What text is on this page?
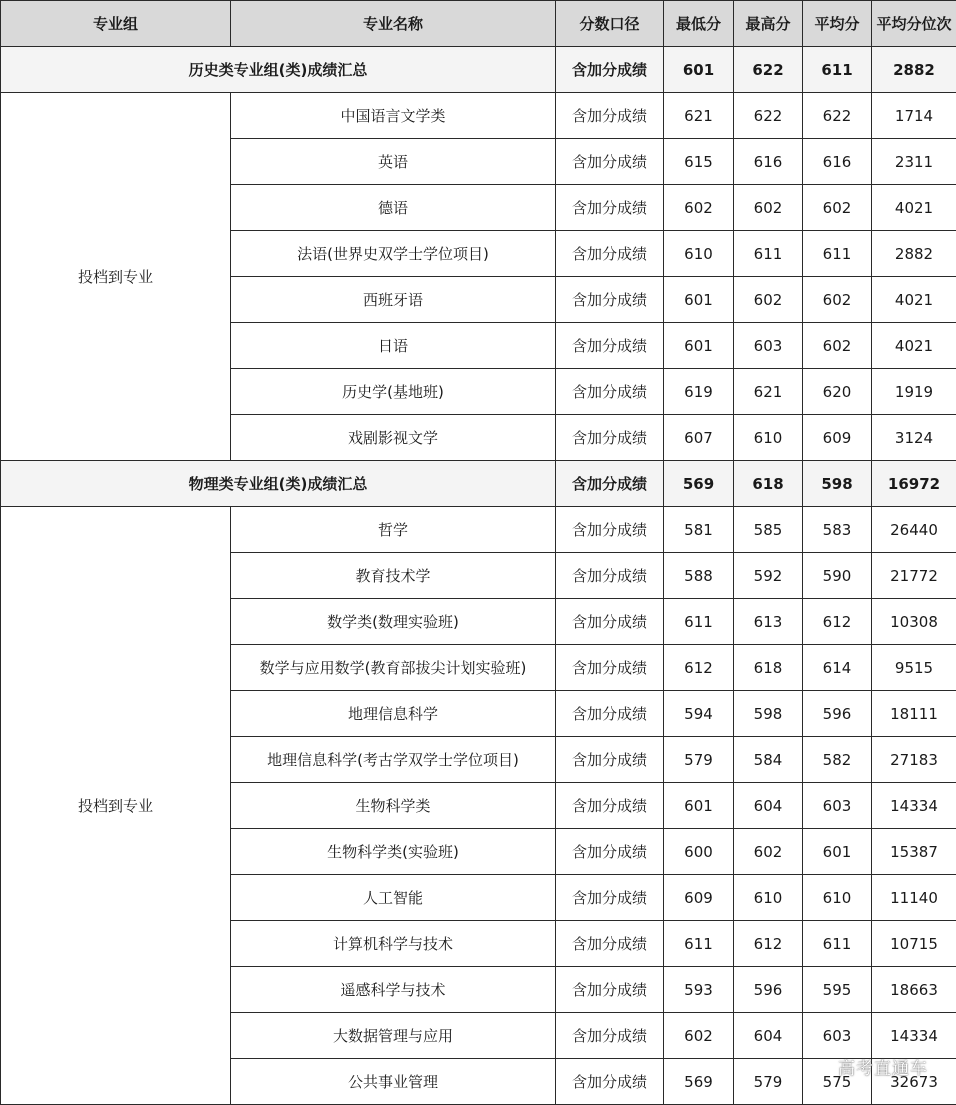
专业组	专业名称	分数口径	最低分	最高分	平均分	平均分位次
历史类专业组(类)成绩汇总		含加分成绩	601	622	611	2882
投档到专业	中国语言文学类	含加分成绩	621	622	622	1714
	英语	含加分成绩	615	616	616	2311
	德语	含加分成绩	602	602	602	4021
	法语(世界史双学士学位项目)	含加分成绩	610	611	611	2882
	西班牙语	含加分成绩	601	602	602	4021
	日语	含加分成绩	601	603	602	4021
	历史学(基地班)	含加分成绩	619	621	620	1919
	戏剧影视文学	含加分成绩	607	610	609	3124
物理类专业组(类)成绩汇总		含加分成绩	569	618	598	16972
投档到专业	哲学	含加分成绩	581	585	583	26440
	教育技术学	含加分成绩	588	592	590	21772
	数学类(数理实验班)	含加分成绩	611	613	612	10308
	数学与应用数学(教育部拔尖计划实验班)	含加分成绩	612	618	614	9515
	地理信息科学	含加分成绩	594	598	596	18111
	地理信息科学(考古学双学士学位项目)	含加分成绩	579	584	582	27183
	生物科学类	含加分成绩	601	604	603	14334
	生物科学类(实验班)	含加分成绩	600	602	601	15387
	人工智能	含加分成绩	609	610	610	11140
	计算机科学与技术	含加分成绩	611	612	611	10715
	遥感科学与技术	含加分成绩	593	596	595	18663
	大数据管理与应用	含加分成绩	602	604	603	14334
	公共事业管理	含加分成绩	569	579	575	32673
高考直通车
